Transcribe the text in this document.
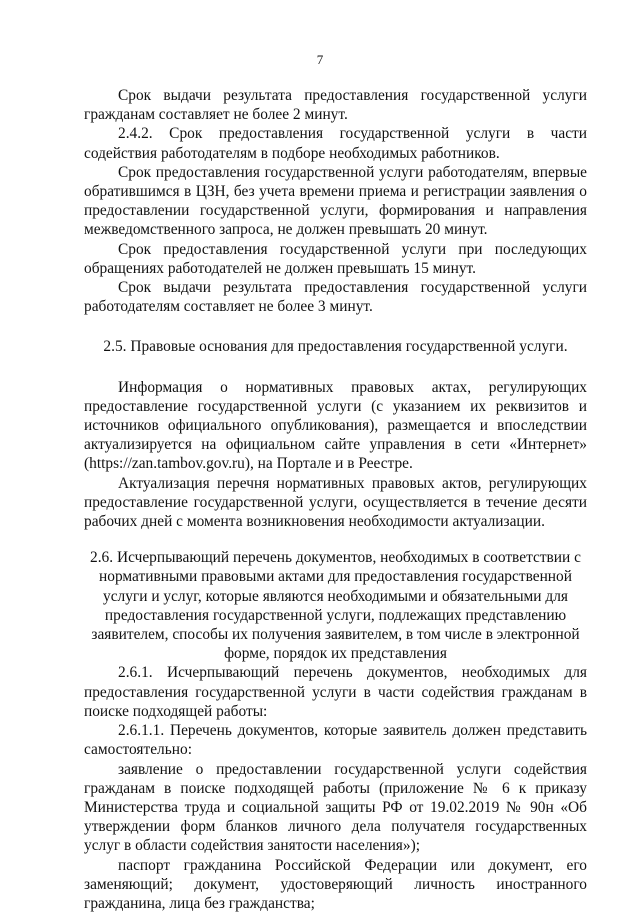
7

Срок выдачи результата предоставления государственной услуги гражданам составляет не более 2 минут.

2.4.2. Срок предоставления государственной услуги в части содействия работодателям в подборе необходимых работников.

Срок предоставления государственной услуги работодателям, впервые обратившимся в ЦЗН, без учета времени приема и регистрации заявления о предоставлении государственной услуги, формирования и направления межведомственного запроса, не должен превышать 20 минут.

Срок предоставления государственной услуги при последующих обращениях работодателей не должен превышать 15 минут.

Срок выдачи результата предоставления государственной услуги работодателям составляет не более 3 минут.

2.5. Правовые основания для предоставления государственной услуги.

Информация о нормативных правовых актах, регулирующих предоставление государственной услуги (с указанием их реквизитов и источников официального опубликования), размещается и впоследствии актуализируется на официальном сайте управления в сети «Интернет» (https://zan.tambov.gov.ru), на Портале и в Реестре.

Актуализация перечня нормативных правовых актов, регулирующих предоставление государственной услуги, осуществляется в течение десяти рабочих дней с момента возникновения необходимости актуализации.

2.6. Исчерпывающий перечень документов, необходимых в соответствии с нормативными правовыми актами для предоставления государственной услуги и услуг, которые являются необходимыми и обязательными для предоставления государственной услуги, подлежащих представлению заявителем, способы их получения заявителем, в том числе в электронной форме, порядок их представления

2.6.1. Исчерпывающий перечень документов, необходимых для предоставления государственной услуги в части содействия гражданам в поиске подходящей работы:

2.6.1.1. Перечень документов, которые заявитель должен представить самостоятельно:

заявление о предоставлении государственной услуги содействия гражданам в поиске подходящей работы (приложение № 6 к приказу Министерства труда и социальной защиты РФ от 19.02.2019 № 90н «Об утверждении форм бланков личного дела получателя государственных услуг в области содействия занятости населения»);

паспорт гражданина Российской Федерации или документ, его заменяющий; документ, удостоверяющий личность иностранного гражданина, лица без гражданства;
